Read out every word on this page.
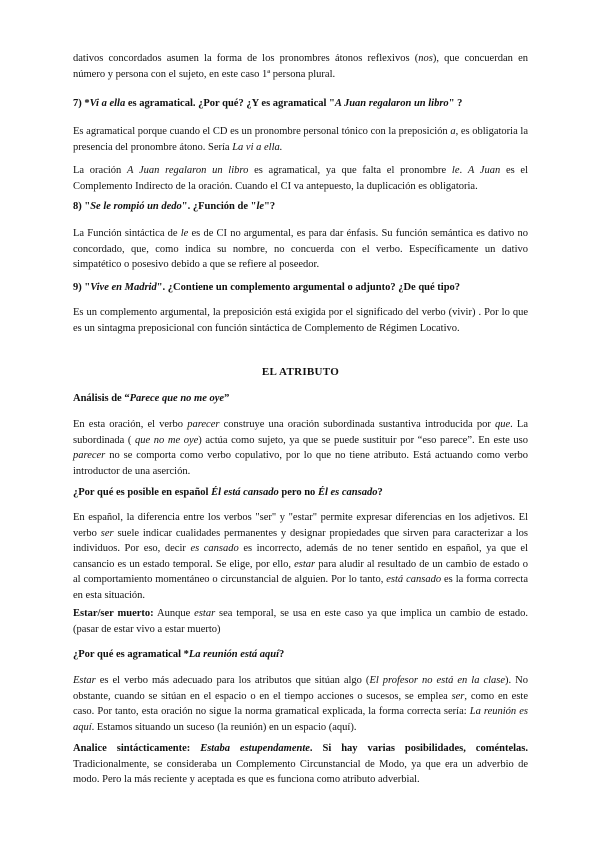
dativos concordados asumen la forma de los pronombres átonos reflexivos (nos), que concuerdan en número y persona con el sujeto, en este caso 1ª persona plural.

7) *Vi a ella es agramatical. ¿Por qué? ¿Y es agramatical "A Juan regalaron un libro" ?

Es agramatical porque cuando el CD es un pronombre personal tónico con la preposición a, es obligatoria la presencia del pronombre átono. Sería La vi a ella.

La oración A Juan regalaron un libro es agramatical, ya que falta el pronombre le. A Juan es el Complemento Indirecto de la oración. Cuando el CI va antepuesto, la duplicación es obligatoria.

8) "Se le rompió un dedo". ¿Función de "le"?

La Función sintáctica de le es de CI no argumental, es para dar énfasis. Su función semántica es dativo no concordado, que, como indica su nombre, no concuerda con el verbo. Específicamente un dativo simpatético o posesivo debido a que se refiere al poseedor.

9) "Vive en Madrid". ¿Contiene un complemento argumental o adjunto? ¿De qué tipo?

Es un complemento argumental, la preposición está exigida por el significado del verbo (vivir) . Por lo que es un sintagma preposicional con función sintáctica de Complemento de Régimen Locativo.

EL ATRIBUTO

Análisis de “Parece que no me oye”

En esta oración, el verbo parecer construye una oración subordinada sustantiva introducida por que. La subordinada ( que no me oye) actúa como sujeto, ya que se puede sustituir por “eso parece”. En este uso parecer no se comporta como verbo copulativo, por lo que no tiene atributo. Está actuando como verbo introductor de una aserción.

¿Por qué es posible en español Él está cansado pero no Él es cansado?

En español, la diferencia entre los verbos "ser" y "estar" permite expresar diferencias en los adjetivos. El verbo ser suele indicar cualidades permanentes y designar propiedades que sirven para caracterizar a los individuos. Por eso, decir es cansado es incorrecto, además de no tener sentido en español, ya que el cansancio es un estado temporal. Se elige, por ello, estar para aludir al resultado de un cambio de estado o al comportamiento momentáneo o circunstancial de alguien. Por lo tanto, está cansado es la forma correcta en esta situación.

Estar/ser muerto: Aunque estar sea temporal, se usa en este caso ya que implica un cambio de estado. (pasar de estar vivo a estar muerto)

¿Por qué es agramatical *La reunión está aquí?

Estar es el verbo más adecuado para los atributos que sitúan algo (El profesor no está en la clase). No obstante, cuando se sitúan en el espacio o en el tiempo acciones o sucesos, se emplea ser, como en este caso. Por tanto, esta oración no sigue la norma gramatical explicada, la forma correcta sería: La reunión es aquí. Estamos situando un suceso (la reunión) en un espacio (aquí).

Analice sintácticamente: Estaba estupendamente. Si hay varias posibilidades, coméntelas. Tradicionalmente, se consideraba un Complemento Circunstancial de Modo, ya que era un adverbio de modo. Pero la más reciente y aceptada es que es funciona como atributo adverbial.
